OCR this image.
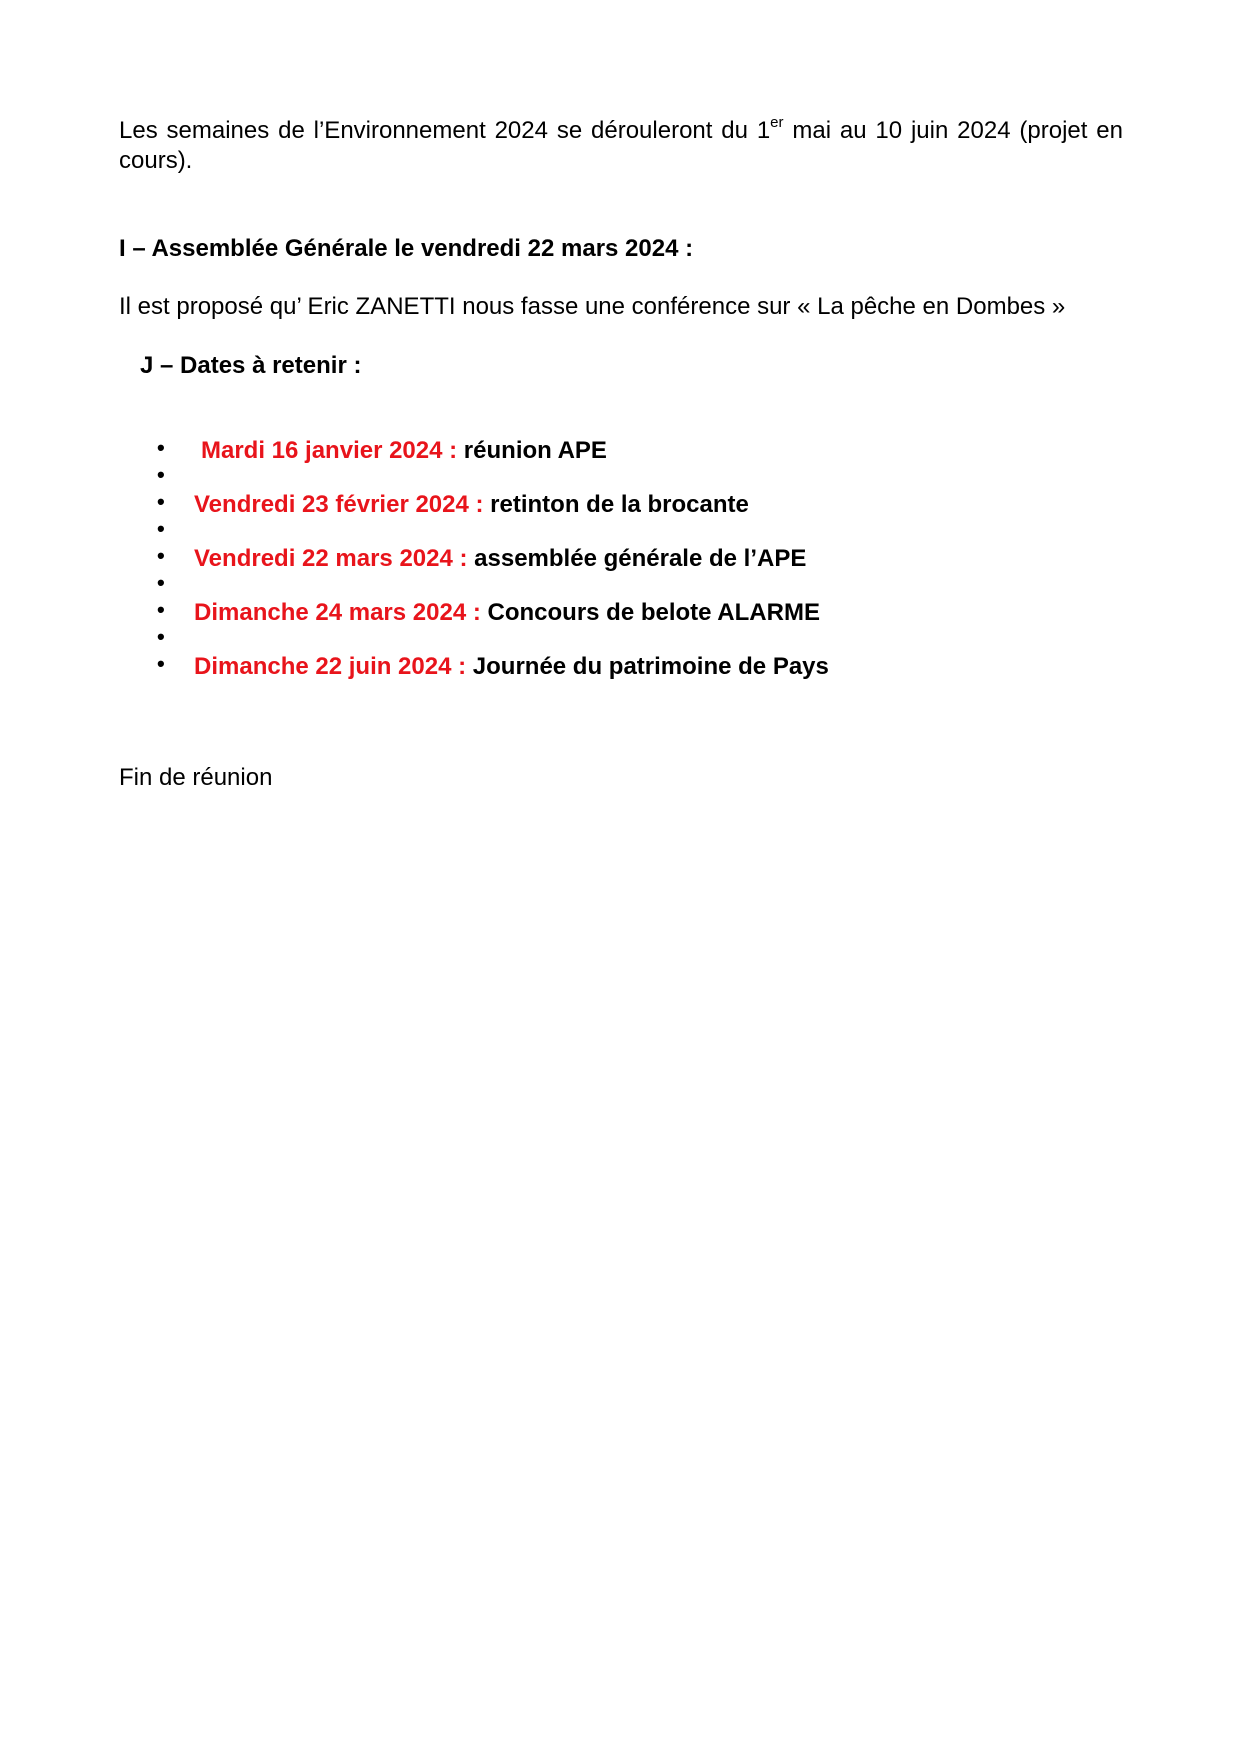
Les semaines de l’Environnement 2024 se dérouleront du 1er mai au 10 juin 2024 (projet en cours).

I – Assemblée Générale le vendredi 22 mars 2024 :

Il est proposé qu’ Eric ZANETTI nous fasse une conférence sur « La pêche en Dombes »

J – Dates à retenir :
•
•
•
•
•
•
•
•
•
Mardi 16 janvier 2024 : réunion APE
Vendredi 23 février 2024 : retinton de la brocante
Vendredi 22 mars 2024 : assemblée générale de l’APE
Dimanche 24 mars 2024 : Concours de belote ALARME
Dimanche 22 juin 2024 : Journée du patrimoine de Pays

Fin de réunion
